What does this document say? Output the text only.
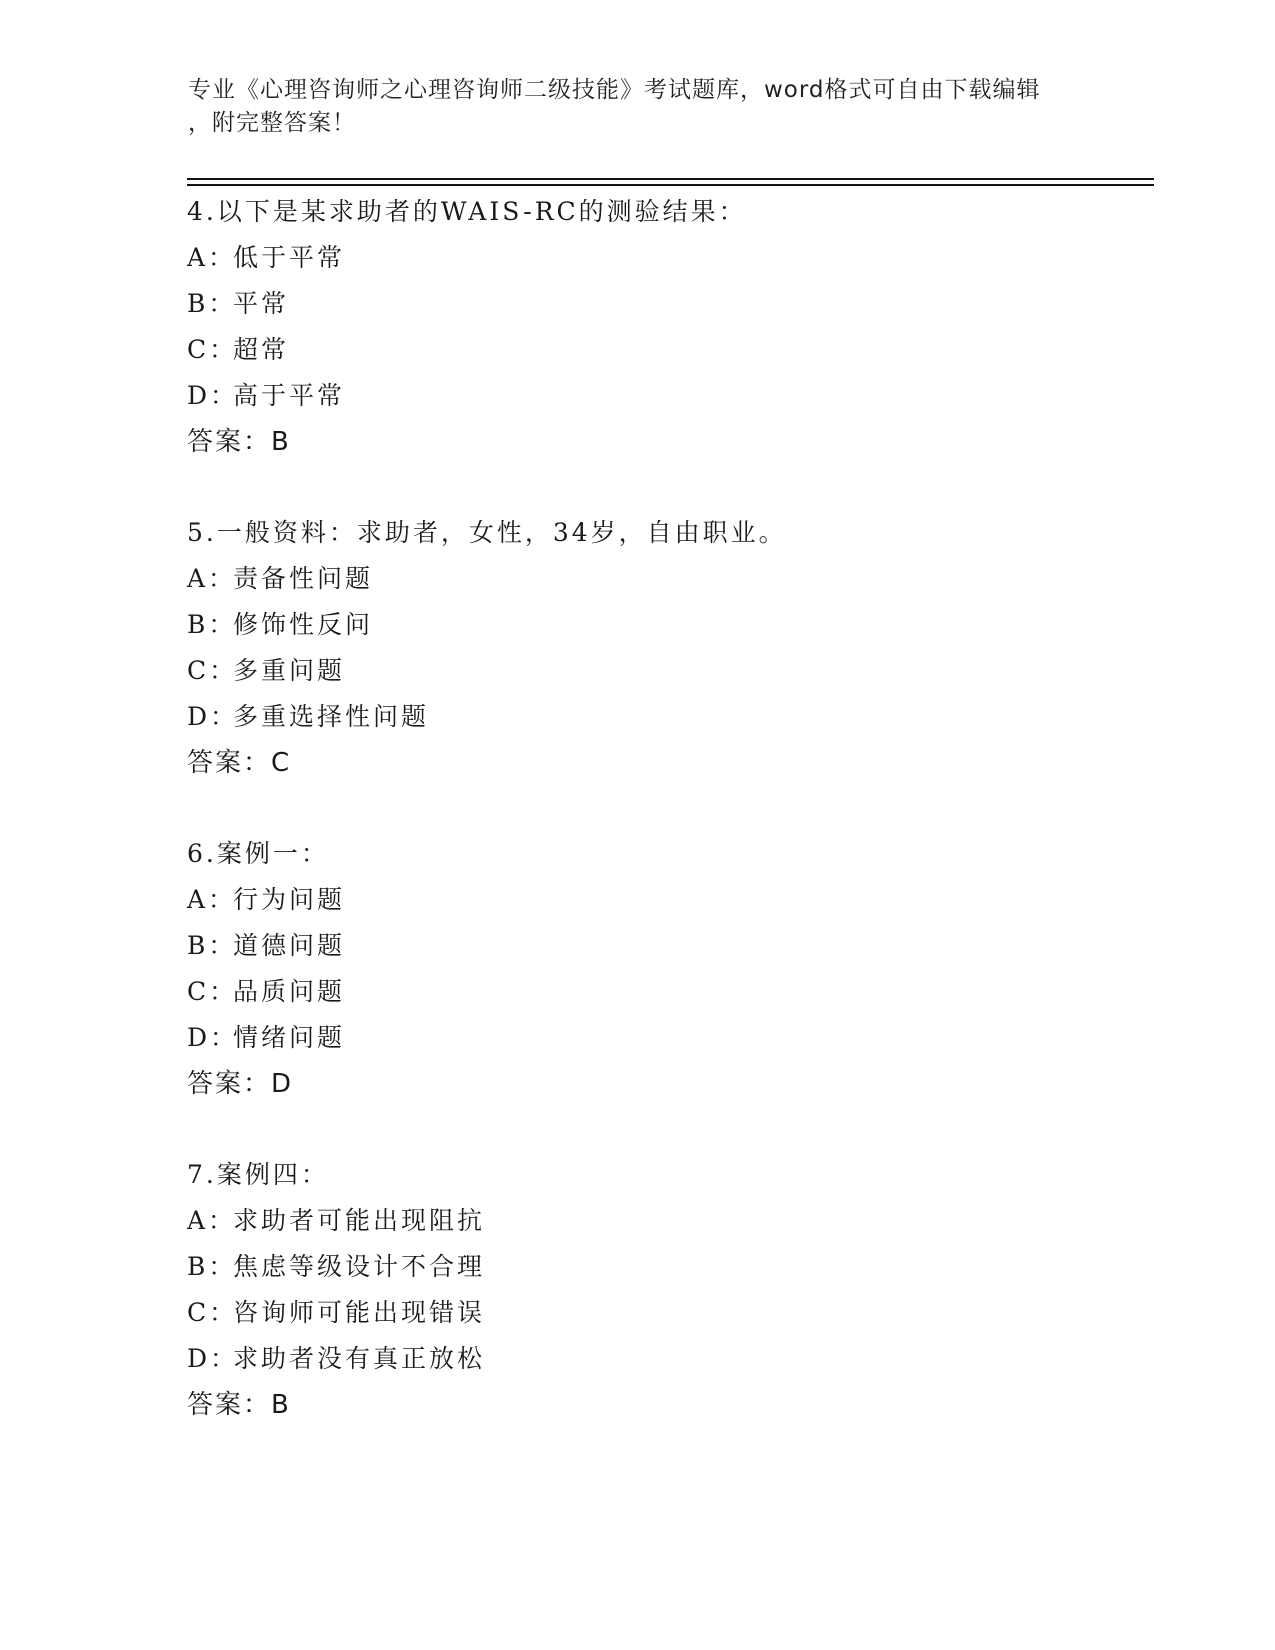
专业《心理咨询师之心理咨询师二级技能》考试题库，word格式可自由下载编辑
，附完整答案！
4.以下是某求助者的WAIS-RC的测验结果：
A：低于平常
B：平常
C：超常
D：高于平常
答案：B
5.一般资料：求助者，女性，34岁，自由职业。
A：责备性问题
B：修饰性反问
C：多重问题
D：多重选择性问题
答案：C
6.案例一：
A：行为问题
B：道德问题
C：品质问题
D：情绪问题
答案：D
7.案例四：
A：求助者可能出现阻抗
B：焦虑等级设计不合理
C：咨询师可能出现错误
D：求助者没有真正放松
答案：B
